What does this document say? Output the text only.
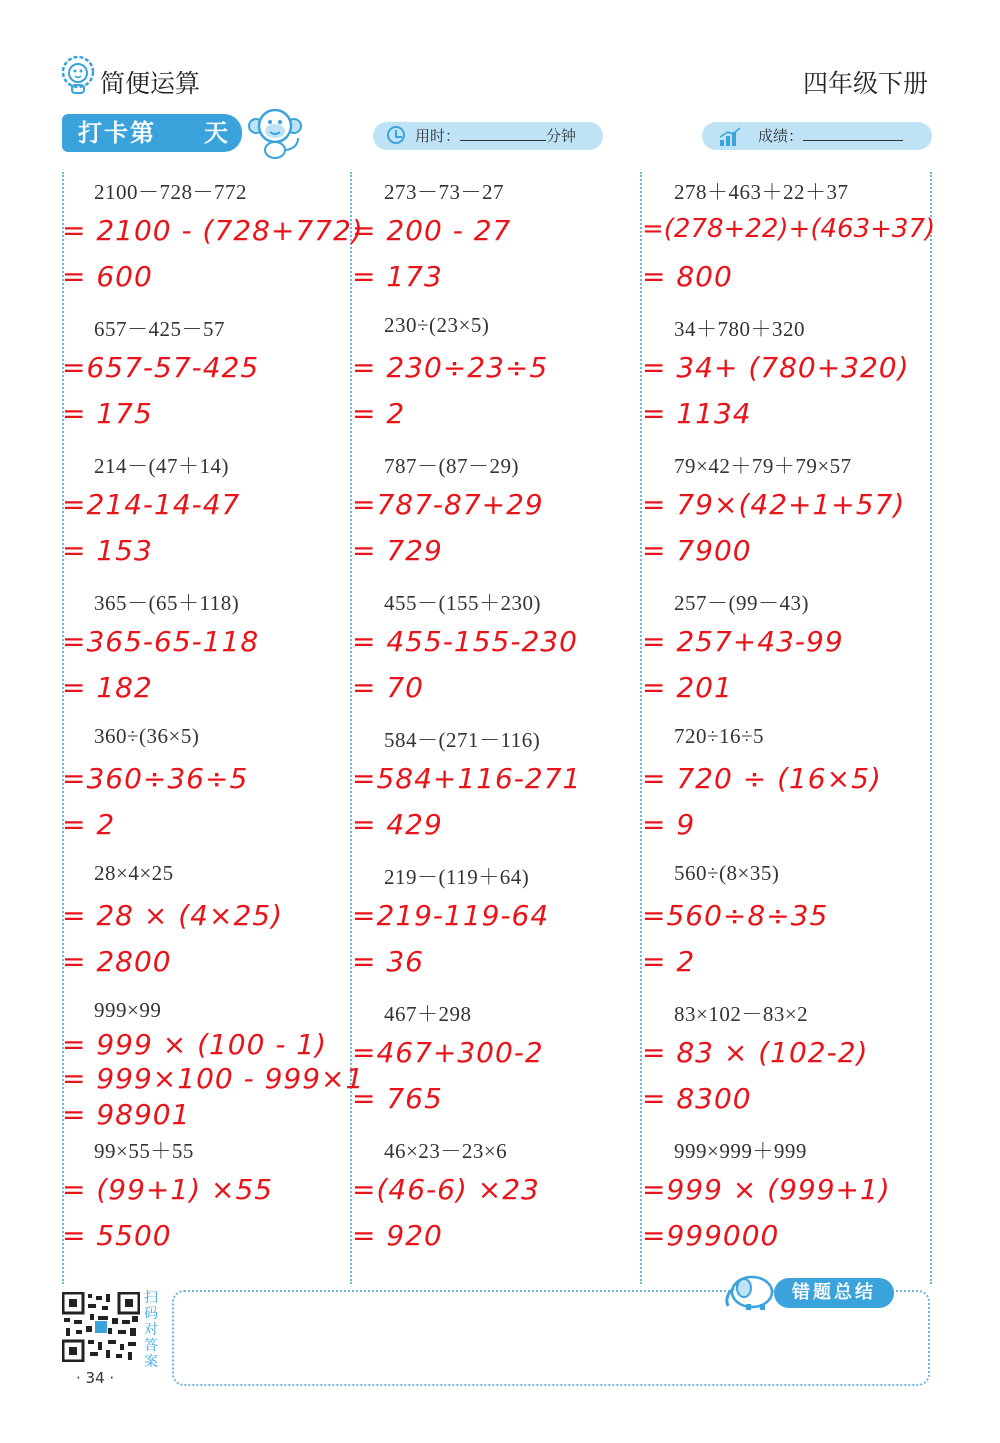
简便运算	四年级下册
打卡第 天	用时：	分钟	成绩：
2100－728－772
= 2100 - (728+772)
= 600
657－425－57
=657-57-425
= 175
214－(47＋14)
=214-14-47
= 153
365－(65＋118)
=365-65-118
= 182
360÷(36×5)
=360÷36÷5
= 2
28×4×25
= 28 × (4×25)
= 2800
999×99
= 999 × (100 - 1)
= 999×100 - 999×1
= 98901
99×55＋55
= (99+1) ×55
= 5500
273－73－27
= 200 - 27
= 173
230÷(23×5)
= 230÷23÷5
= 2
787－(87－29)
=787-87+29
= 729
455－(155＋230)
= 455-155-230
= 70
584－(271－116)
=584+116-271
= 429
219－(119＋64)
=219-119-64
= 36
467＋298
=467+300-2
= 765
46×23－23×6
=(46-6) ×23
= 920
278＋463＋22＋37
=(278+22)+(463+37)
= 800
34＋780＋320
= 34+ (780+320)
= 1134
79×42＋79＋79×57
= 79×(42+1+57)
= 7900
257－(99－43)
= 257+43-99
= 201
720÷16÷5
= 720 ÷ (16×5)
= 9
560÷(8×35)
=560÷8÷35
= 2
83×102－83×2
= 83 × (102-2)
= 8300
999×999＋999
=999 × (999+1)
=999000
扫码对答案
· 34 ·
错题总结
